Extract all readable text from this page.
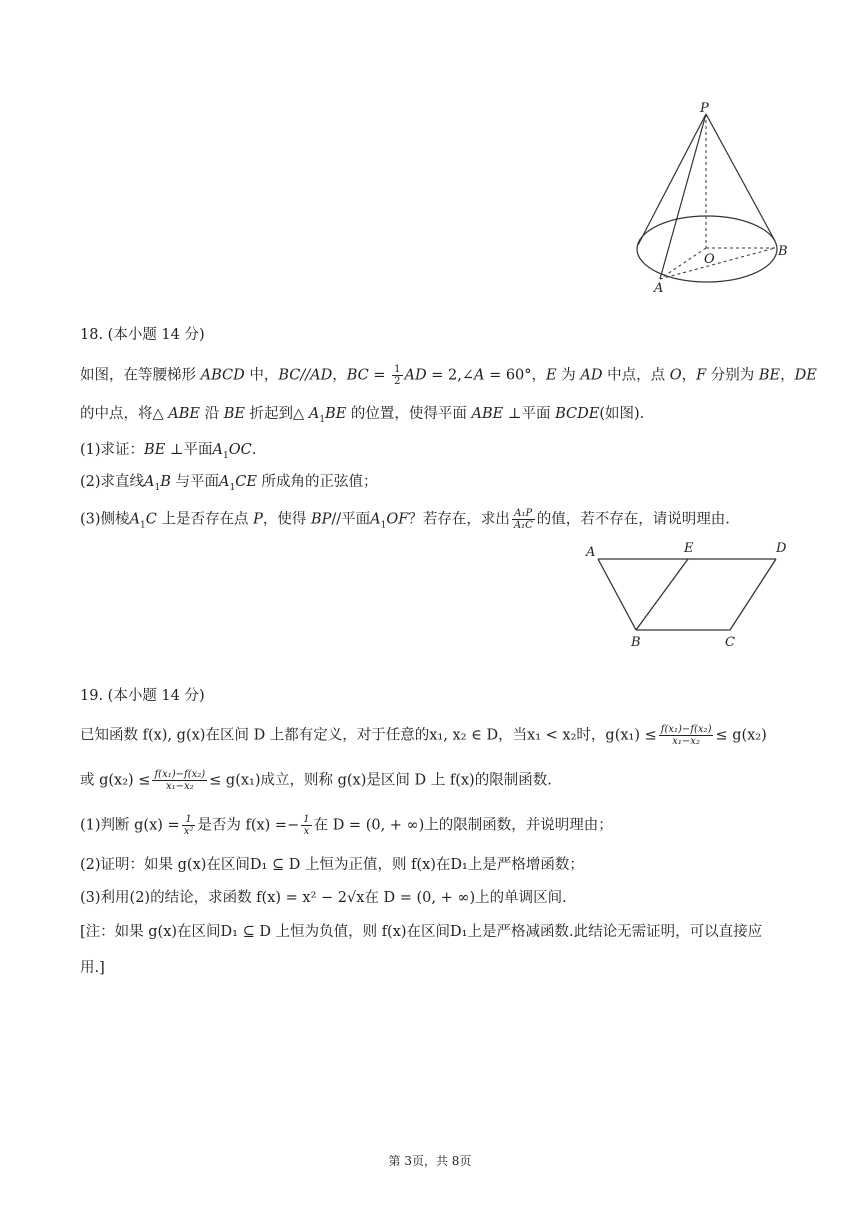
P
O
A
B
18. (本小题 14 分)
如图，在等腰梯形 ABCD 中，BC//AD，BC = $\frac{1}{2}$ AD = 2,∠A = 60°，E 为 AD 中点，点 O，F 分别为 BE，DE
的中点，将△ ABE 沿 BE 折起到△ $A_1BE$ 的位置，使得平面 ABE ⊥平面 BCDE(如图).
(1)求证：BE ⊥平面$A_1OC$.
(2)求直线$A_1B$ 与平面$A_1CE$ 所成角的正弦值；
(3)侧棱$A_1C$ 上是否存在点 P，使得 BP//平面$A_1OF$？若存在，求出 $\frac{\text{A₁P}}{\text{A₁C}}$ 的值，若不存在，请说明理由.
A	E	D
B	C
19. (本小题 14 分)
已知函数 f(x), g(x)在区间 D 上都有定义，对于任意的x₁, x₂ ∈ D，当x₁ < x₂时，$g(x_1) \le \frac{\text{f(x₁)−f(x₂)}}{\text{x₁−x₂}} \le g(x_2)$
或 $g(x_2) \le \frac{\text{f(x₁)−f(x₂)}}{\text{x₁−x₂}} \le g(x_1)$成立，则称 g(x)是区间 D 上 f(x)的限制函数.
(1)判断 $g(x) = \frac{1}{\text{x²}}$ 是否为 $f(x) =- \frac{1}{x}$ 在 D = (0, + ∞)上的限制函数，并说明理由；
(2)证明：如果 g(x)在区间D₁ ⊆ D 上恒为正值，则 f(x)在D₁上是严格增函数；
(3)利用(2)的结论，求函数 f(x) = x² − 2√x在 D = (0, + ∞)上的单调区间.
[注：如果 g(x)在区间D₁ ⊆ D 上恒为负值，则 f(x)在区间D₁上是严格减函数.此结论无需证明，可以直接应
用.]
第 3页，共 8页
